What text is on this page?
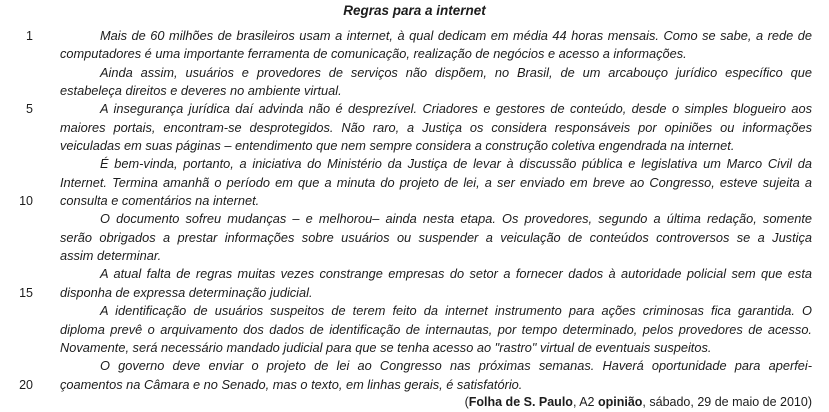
Regras para a internet
1	Mais de 60 milhões de brasileiros usam a internet, à qual dedicam em média 44 horas mensais. Como se sabe, a rede de
computadores é uma importante ferramenta de comunicação, realização de negócios e acesso a informações.
Ainda assim, usuários e provedores de serviços não dispõem, no Brasil, de um arcabouço jurídico específico que
estabeleça direitos e deveres no ambiente virtual.
5	A insegurança jurídica daí advinda não é desprezível. Criadores e gestores de conteúdo, desde o simples blogueiro aos
maiores portais, encontram-se desprotegidos. Não raro, a Justiça os considera responsáveis por opiniões ou informações
veiculadas em suas páginas – entendimento que nem sempre considera a construção coletiva engendrada na internet.
É bem-vinda, portanto, a iniciativa do Ministério da Justiça de levar à discussão pública e legislativa um Marco Civil da
Internet. Termina amanhã o período em que a minuta do projeto de lei, a ser enviado em breve ao Congresso, esteve sujeita a
10 consulta e comentários na internet.
O documento sofreu mudanças – e melhorou– ainda nesta etapa. Os provedores, segundo a última redação, somente
serão obrigados a prestar informações sobre usuários ou suspender a veiculação de conteúdos controversos se a Justiça
assim determinar.
A atual falta de regras muitas vezes constrange empresas do setor a fornecer dados à autoridade policial sem que esta
15 disponha de expressa determinação judicial.
A identificação de usuários suspeitos de terem feito da internet instrumento para ações criminosas fica garantida. O
diploma prevê o arquivamento dos dados de identificação de internautas, por tempo determinado, pelos provedores de acesso.
Novamente, será necessário mandado judicial para que se tenha acesso ao "rastro" virtual de eventuais suspeitos.
O governo deve enviar o projeto de lei ao Congresso nas próximas semanas. Haverá oportunidade para aperfei-
20 çoamentos na Câmara e no Senado, mas o texto, em linhas gerais, é satisfatório.
(Folha de S. Paulo, A2 opinião, sábado, 29 de maio de 2010)
